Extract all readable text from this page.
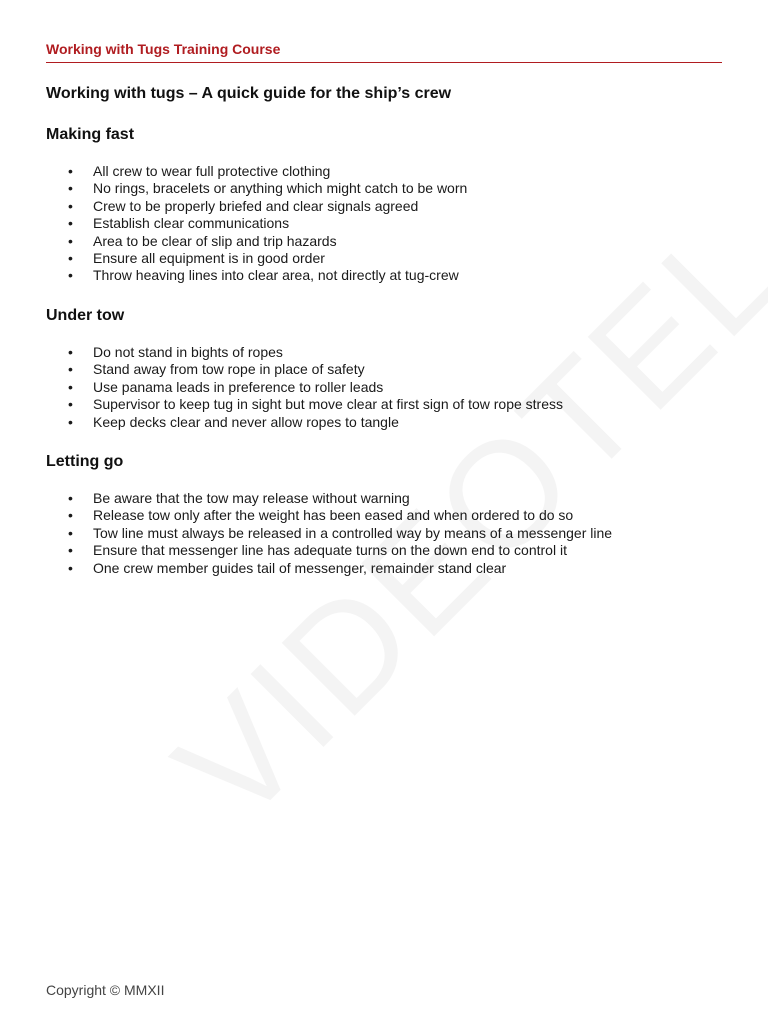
Working with Tugs Training Course
Working with tugs – A quick guide for the ship’s crew
Making fast
• All crew to wear full protective clothing
• No rings, bracelets or anything which might catch to be worn
• Crew to be properly briefed and clear signals agreed
• Establish clear communications
• Area to be clear of slip and trip hazards
• Ensure all equipment is in good order
• Throw heaving lines into clear area, not directly at tug-crew
Under tow
• Do not stand in bights of ropes
• Stand away from tow rope in place of safety
• Use panama leads in preference to roller leads
• Supervisor to keep tug in sight but move clear at first sign of tow rope stress
• Keep decks clear and never allow ropes to tangle
Letting go
• Be aware that the tow may release without warning
• Release tow only after the weight has been eased and when ordered to do so
• Tow line must always be released in a controlled way by means of a messenger line
• Ensure that messenger line has adequate turns on the down end to control it
• One crew member guides tail of messenger, remainder stand clear
Copyright © MMXII
